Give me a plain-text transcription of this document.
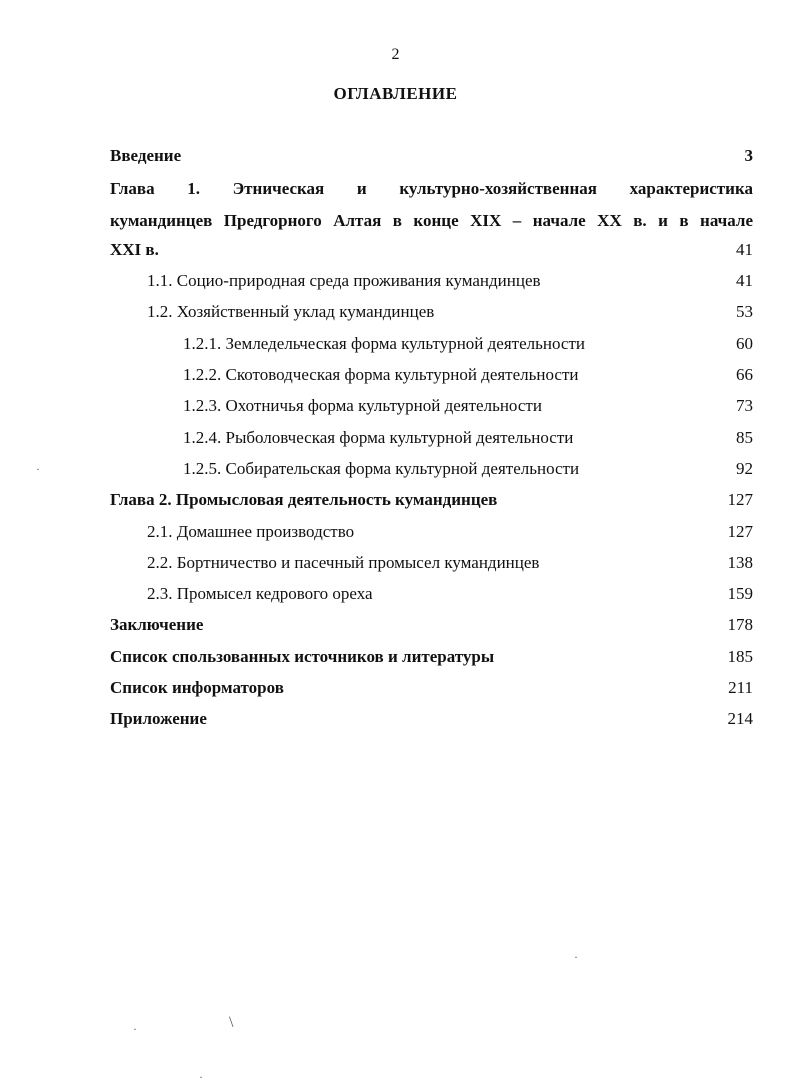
2
ОГЛАВЛЕНИЕ
Введение	3
Глава 1. Этническая и культурно-хозяйственная характеристика
кумандинцев Предгорного Алтая в конце XIX – начале XX в. и в начале
XXI в.	41
1.1. Социо-природная среда проживания кумандинцев	41
1.2. Хозяйственный уклад кумандинцев	53
1.2.1. Земледельческая форма культурной деятельности	60
1.2.2. Скотоводческая форма культурной деятельности	66
1.2.3. Охотничья форма культурной деятельности	73
1.2.4. Рыболовческая форма культурной деятельности	85
1.2.5. Собирательская форма культурной деятельности	92
Глава 2. Промысловая деятельность кумандинцев	127
2.1. Домашнее производство	127
2.2. Бортничество и пасечный промысел кумандинцев	138
2.3. Промысел кедрового ореха	159
Заключение	178
Список спользованных источников и литературы	185
Список информаторов	211
Приложение	214
·
·
·	\
·
